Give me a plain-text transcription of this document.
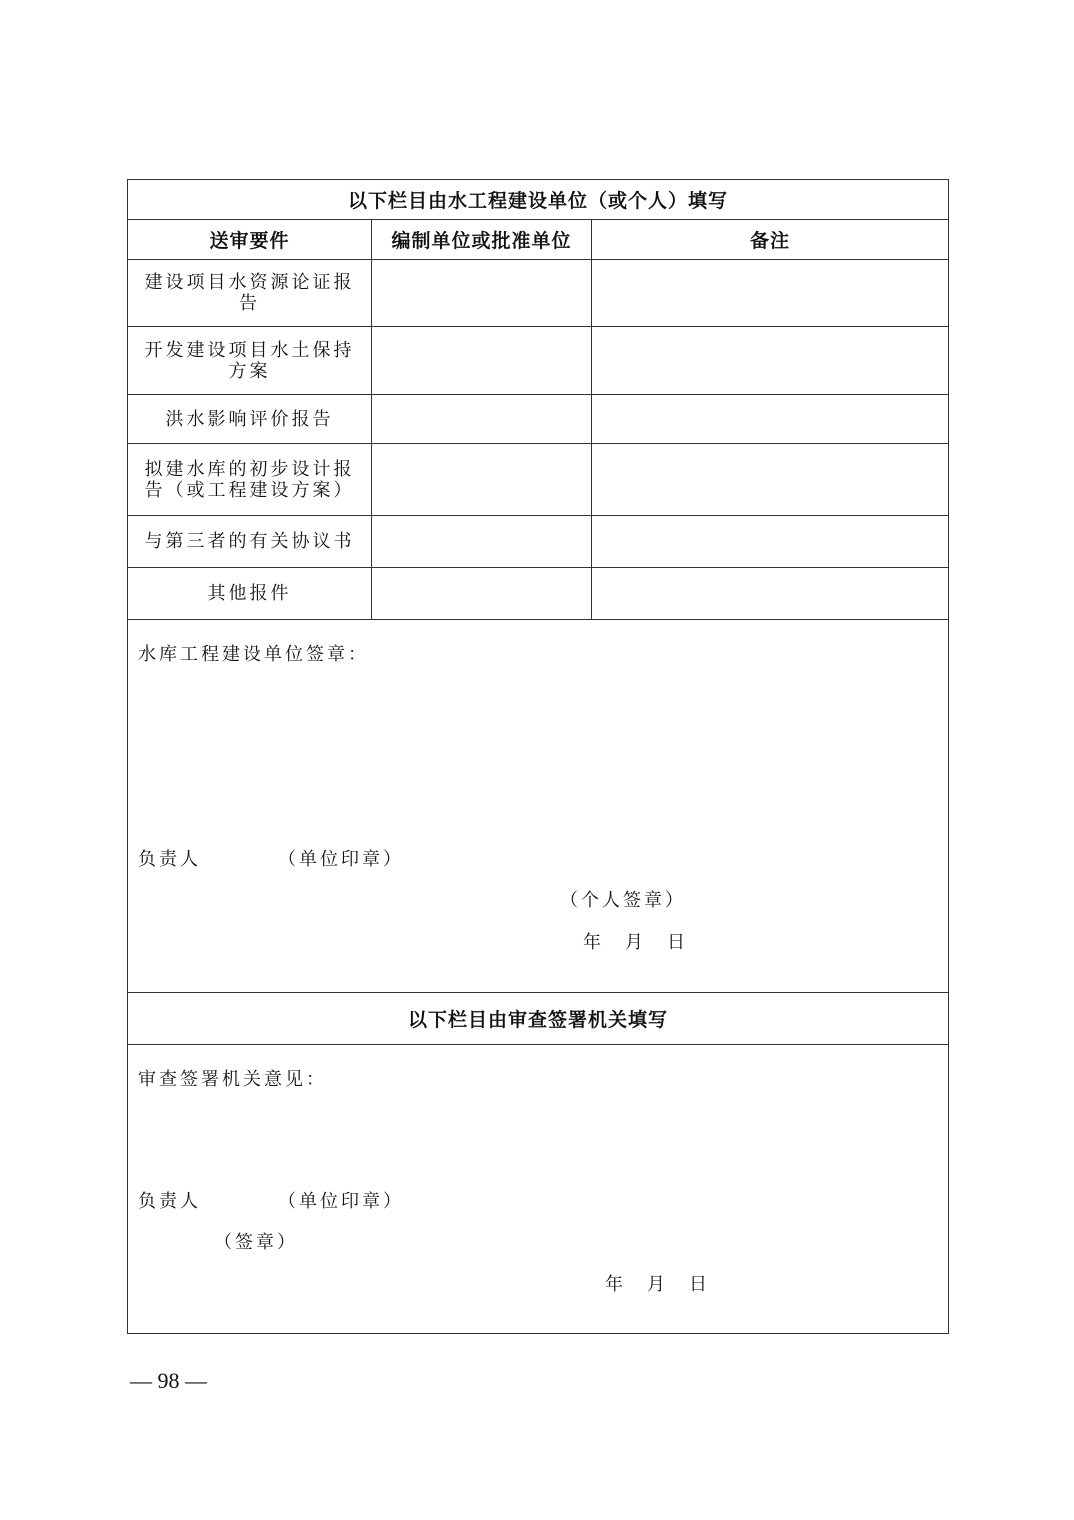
以下栏目由水工程建设单位（或个人）填写		
送审要件	编制单位或批准单位	备注
建设项目水资源论证报告		
开发建设项目水土保持方案		
洪水影响评价报告		
拟建水库的初步设计报告（或工程建设方案）		
与第三者的有关协议书		
其他报件		

水库工程建设单位签章：
负责人 （单位印章）
（个人签章）
年　月　日		

以下栏目由审查签署机关填写		

审查签署机关意见：
负责人 （单位印章）
（签章）
年　月　日		
— 98 —
